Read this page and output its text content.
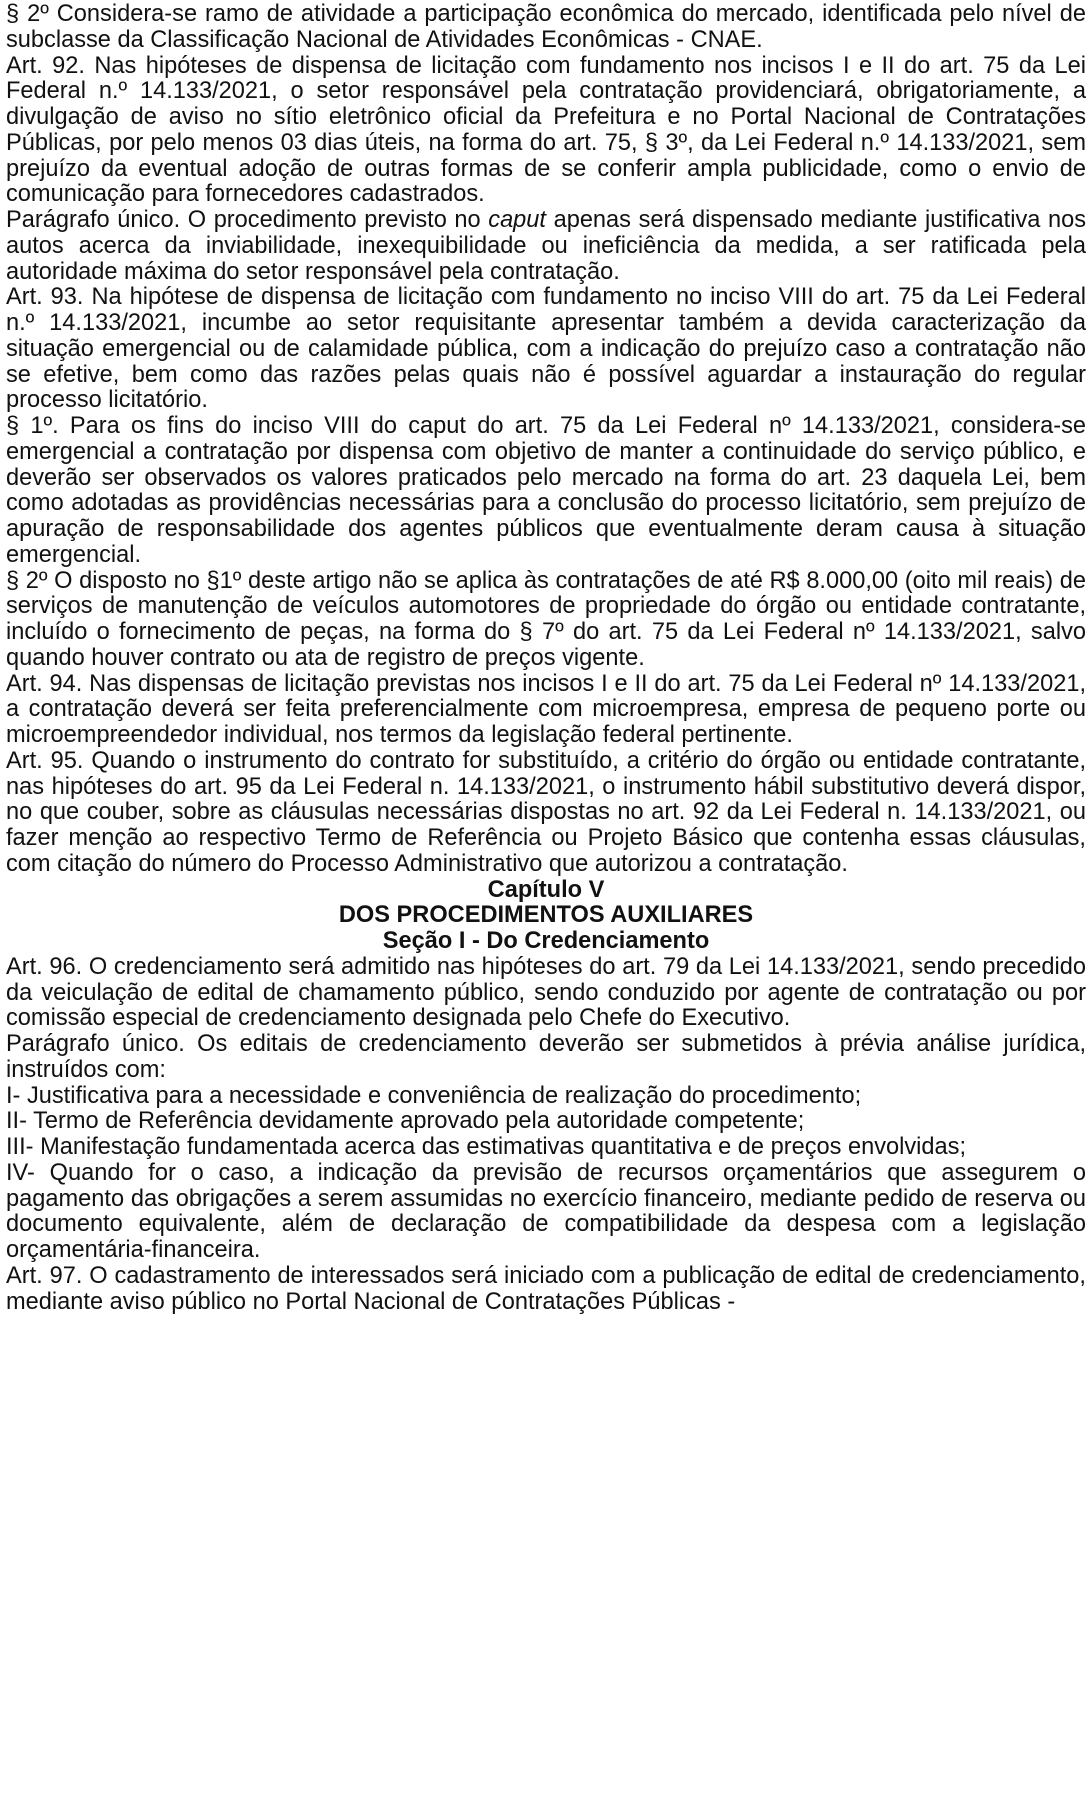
§ 2º Considera-se ramo de atividade a participação econômica do mercado, identificada pelo nível de subclasse da Classificação Nacional de Atividades Econômicas - CNAE.

Art. 92. Nas hipóteses de dispensa de licitação com fundamento nos incisos I e II do art. 75 da Lei Federal n.º 14.133/2021, o setor responsável pela contratação providenciará, obrigatoriamente, a divulgação de aviso no sítio eletrônico oficial da Prefeitura e no Portal Nacional de Contratações Públicas, por pelo menos 03 dias úteis, na forma do art. 75, § 3º, da Lei Federal n.º 14.133/2021, sem prejuízo da eventual adoção de outras formas de se conferir ampla publicidade, como o envio de comunicação para fornecedores cadastrados.

Parágrafo único. O procedimento previsto no caput apenas será dispensado mediante justificativa nos autos acerca da inviabilidade, inexequibilidade ou ineficiência da medida, a ser ratificada pela autoridade máxima do setor responsável pela contratação.

Art. 93. Na hipótese de dispensa de licitação com fundamento no inciso VIII do art. 75 da Lei Federal n.º 14.133/2021, incumbe ao setor requisitante apresentar também a devida caracterização da situação emergencial ou de calamidade pública, com a indicação do prejuízo caso a contratação não se efetive, bem como das razões pelas quais não é possível aguardar a instauração do regular processo licitatório.

§ 1º. Para os fins do inciso VIII do caput do art. 75 da Lei Federal nº 14.133/2021, considera-se emergencial a contratação por dispensa com objetivo de manter a continuidade do serviço público, e deverão ser observados os valores praticados pelo mercado na forma do art. 23 daquela Lei, bem como adotadas as providências necessárias para a conclusão do processo licitatório, sem prejuízo de apuração de responsabilidade dos agentes públicos que eventualmente deram causa à situação emergencial.

§ 2º O disposto no §1º deste artigo não se aplica às contratações de até R$ 8.000,00 (oito mil reais) de serviços de manutenção de veículos automotores de propriedade do órgão ou entidade contratante, incluído o fornecimento de peças, na forma do § 7º do art. 75 da Lei Federal nº 14.133/2021, salvo quando houver contrato ou ata de registro de preços vigente.

Art. 94. Nas dispensas de licitação previstas nos incisos I e II do art. 75 da Lei Federal nº 14.133/2021, a contratação deverá ser feita preferencialmente com microempresa, empresa de pequeno porte ou microempreendedor individual, nos termos da legislação federal pertinente.

Art. 95. Quando o instrumento do contrato for substituído, a critério do órgão ou entidade contratante, nas hipóteses do art. 95 da Lei Federal n. 14.133/2021, o instrumento hábil substitutivo deverá dispor, no que couber, sobre as cláusulas necessárias dispostas no art. 92 da Lei Federal n. 14.133/2021, ou fazer menção ao respectivo Termo de Referência ou Projeto Básico que contenha essas cláusulas, com citação do número do Processo Administrativo que autorizou a contratação.

Capítulo V

DOS PROCEDIMENTOS AUXILIARES

Seção I - Do Credenciamento

Art. 96. O credenciamento será admitido nas hipóteses do art. 79 da Lei 14.133/2021, sendo precedido da veiculação de edital de chamamento público, sendo conduzido por agente de contratação ou por comissão especial de credenciamento designada pelo Chefe do Executivo.

Parágrafo único. Os editais de credenciamento deverão ser submetidos à prévia análise jurídica, instruídos com:

I- Justificativa para a necessidade e conveniência de realização do procedimento;

II- Termo de Referência devidamente aprovado pela autoridade competente;

III- Manifestação fundamentada acerca das estimativas quantitativa e de preços envolvidas;

IV- Quando for o caso, a indicação da previsão de recursos orçamentários que assegurem o pagamento das obrigações a serem assumidas no exercício financeiro, mediante pedido de reserva ou documento equivalente, além de declaração de compatibilidade da despesa com a legislação orçamentária-financeira.

Art. 97. O cadastramento de interessados será iniciado com a publicação de edital de credenciamento, mediante aviso público no Portal Nacional de Contratações Públicas -
